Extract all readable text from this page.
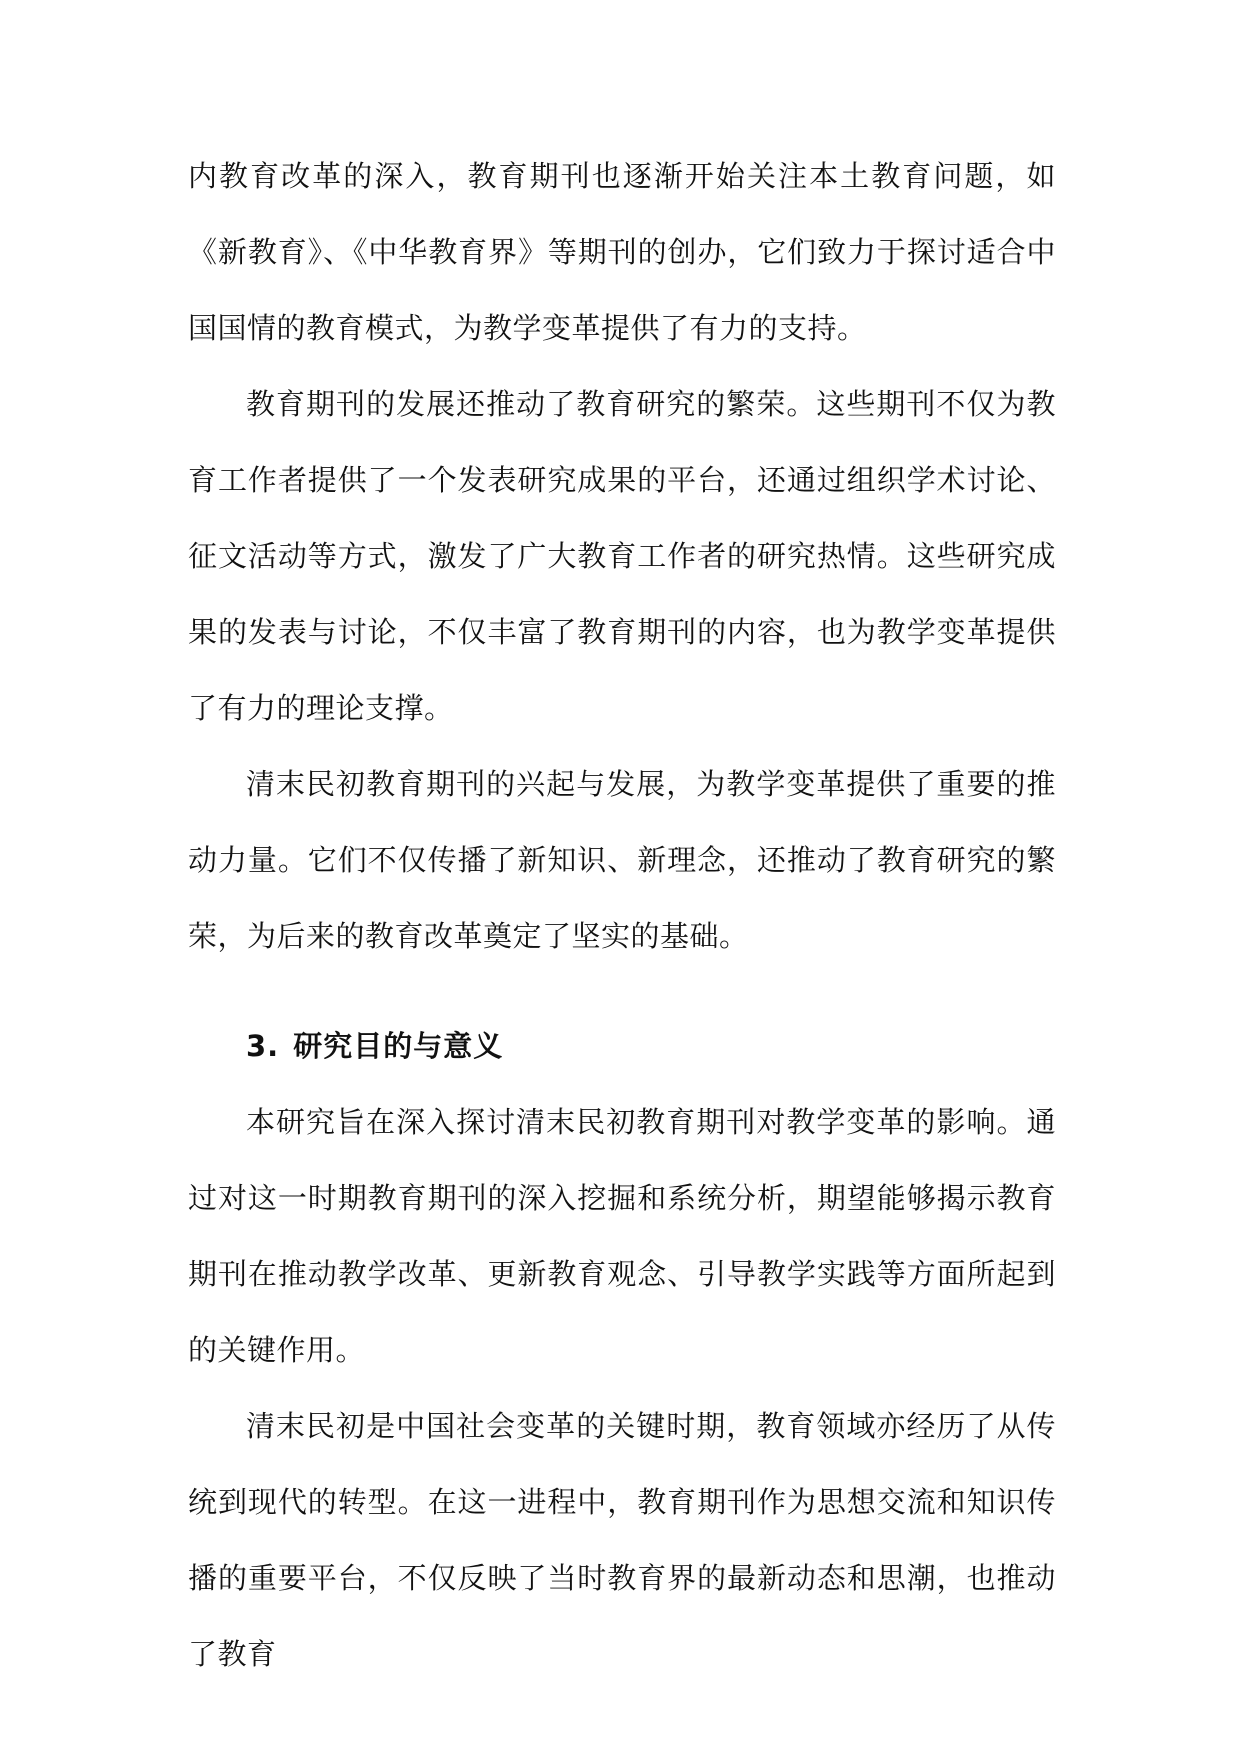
内教育改革的深入，教育期刊也逐渐开始关注本土教育问题，如《新教育》、《中华教育界》等期刊的创办，它们致力于探讨适合中国国情的教育模式，为教学变革提供了有力的支持。

教育期刊的发展还推动了教育研究的繁荣。这些期刊不仅为教育工作者提供了一个发表研究成果的平台，还通过组织学术讨论、征文活动等方式，激发了广大教育工作者的研究热情。这些研究成果的发表与讨论，不仅丰富了教育期刊的内容，也为教学变革提供了有力的理论支撑。

清末民初教育期刊的兴起与发展，为教学变革提供了重要的推动力量。它们不仅传播了新知识、新理念，还推动了教育研究的繁荣，为后来的教育改革奠定了坚实的基础。

3. 研究目的与意义

本研究旨在深入探讨清末民初教育期刊对教学变革的影响。通过对这一时期教育期刊的深入挖掘和系统分析，期望能够揭示教育期刊在推动教学改革、更新教育观念、引导教学实践等方面所起到的关键作用。

清末民初是中国社会变革的关键时期，教育领域亦经历了从传统到现代的转型。在这一进程中，教育期刊作为思想交流和知识传播的重要平台，不仅反映了当时教育界的最新动态和思潮，也推动了教育
